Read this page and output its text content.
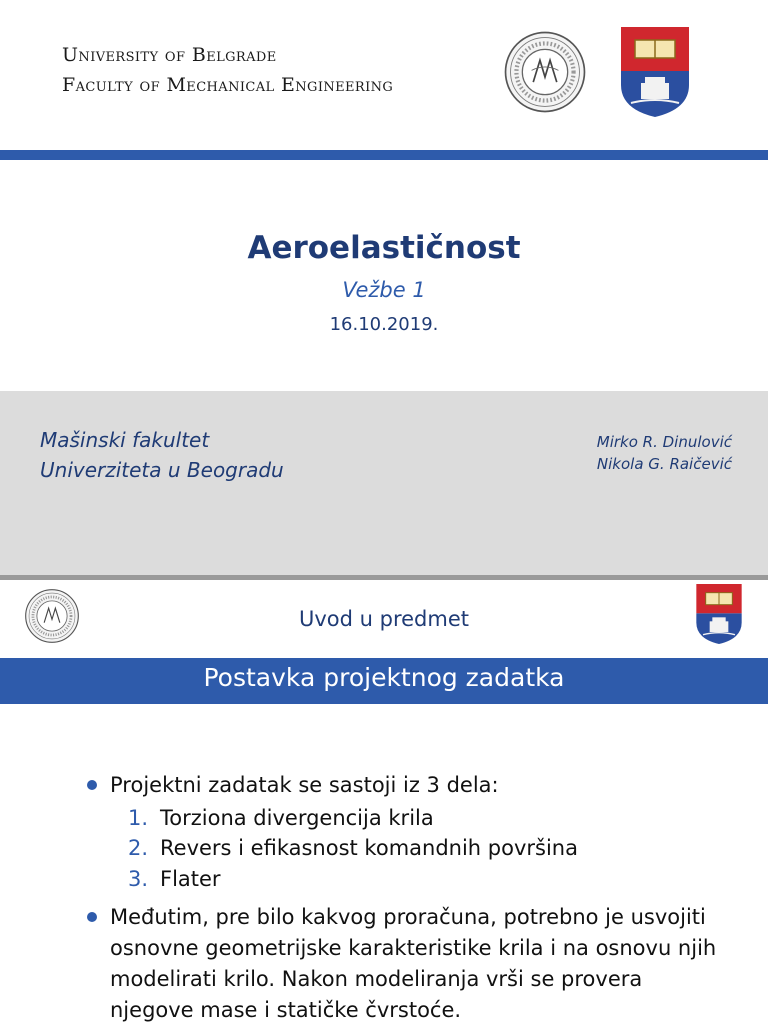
University of Belgrade
Faculty of Mechanical Engineering
Aeroelastičnost
Vežbe 1
16.10.2019.
Mašinski fakultet
Univerziteta u Beogradu
Mirko R. Dinulović
Nikola G. Raičević
Uvod u predmet
Postavka projektnog zadatka
Projektni zadatak se sastoji iz 3 dela:
1. Torziona divergencija krila
2. Revers i efikasnost komandnih površina
3. Flater
Međutim, pre bilo kakvog proračuna, potrebno je usvojiti osnovne geometrijske karakteristike krila i na osnovu njih modelirati krilo. Nakon modeliranja vrši se provera njegove mase i statičke čvrstoće.
